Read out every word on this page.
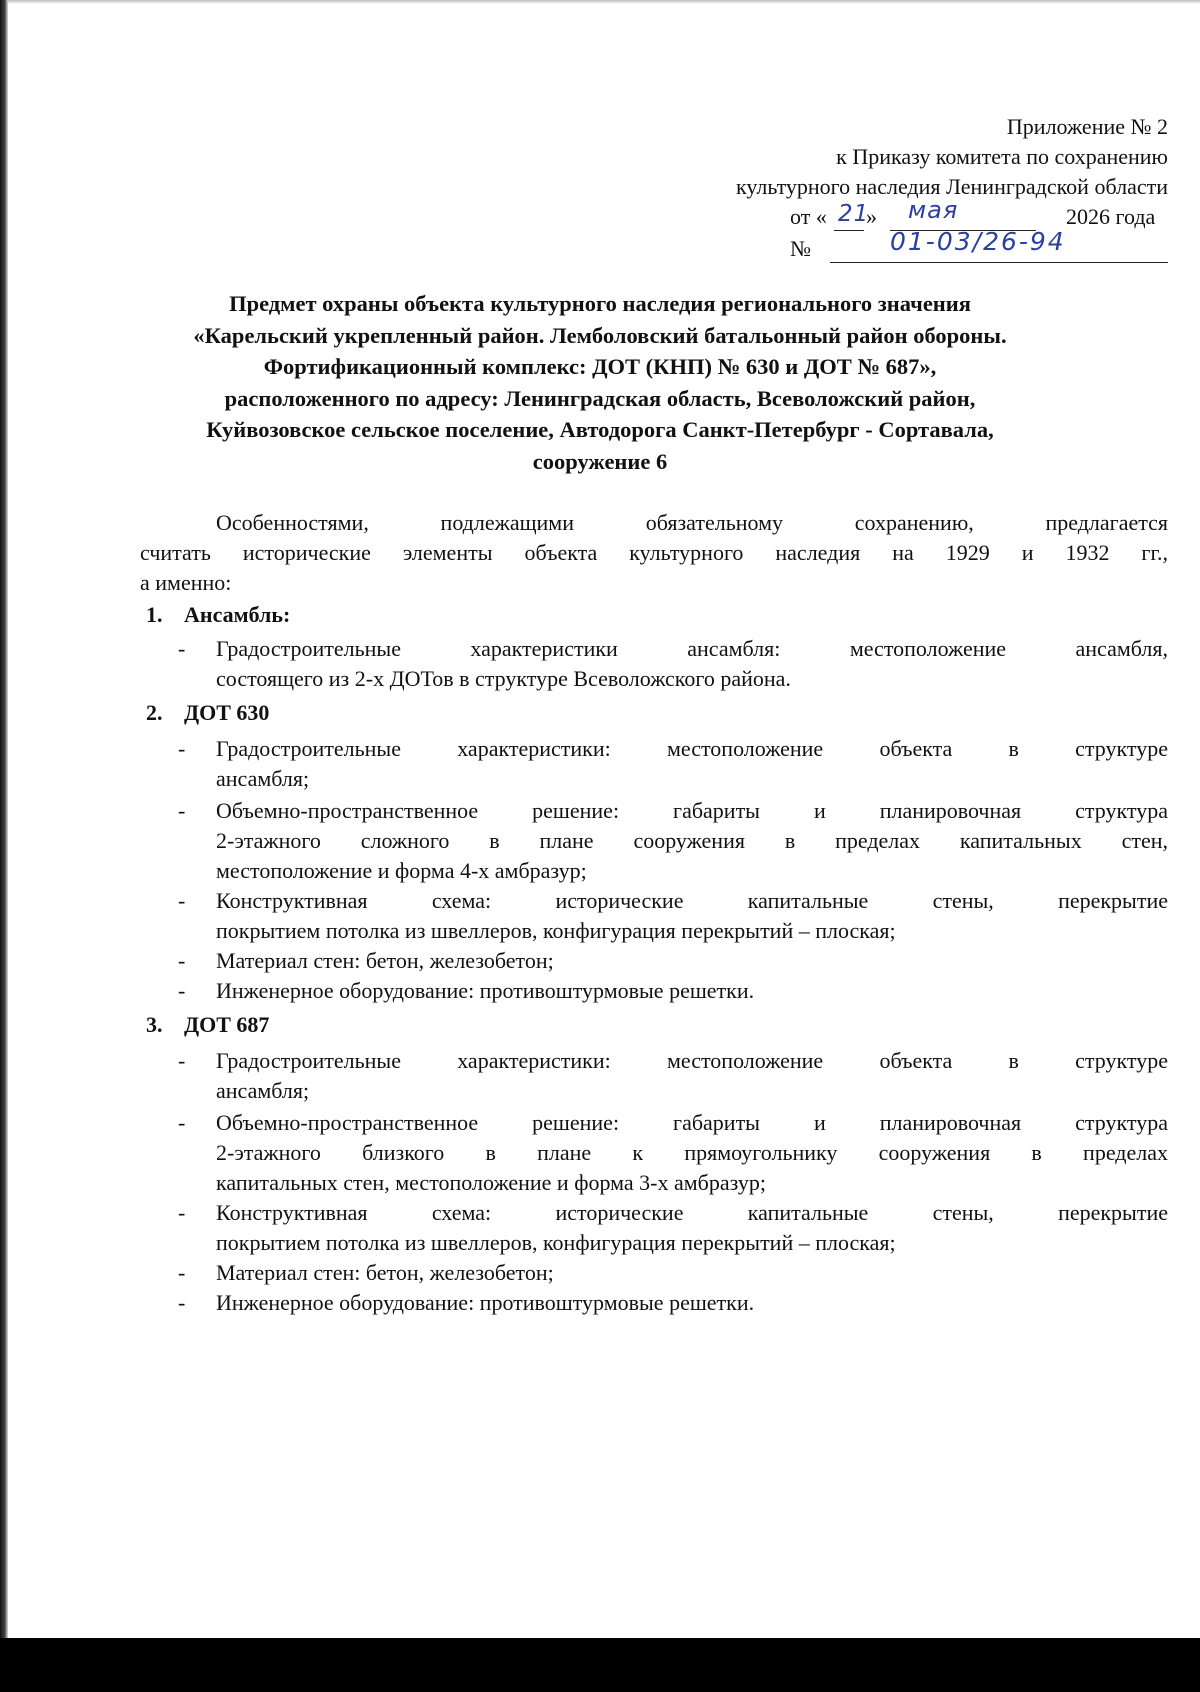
Приложение № 2
к Приказу комитета по сохранению
культурного наследия Ленинградской области
от « 21
» мая	2026 года
№	01-03/26-94
Предмет охраны объекта культурного наследия регионального значения
«Карельский укрепленный район. Лемболовский батальонный район обороны.
Фортификационный комплекс: ДОТ (КНП) № 630 и ДОТ № 687»,
расположенного по адресу: Ленинградская область, Всеволожский район,
Куйвозовское сельское поселение, Автодорога Санкт-Петербург - Сортавала,
сооружение 6
Особенностями, подлежащими обязательному сохранению, предлагается
считать исторические элементы объекта культурного наследия на 1929 и 1932 гг.,
а именно:
1. Ансамбль:
- Градостроительные характеристики ансамбля: местоположение ансамбля,
состоящего из 2-х ДОТов в структуре Всеволожского района.
2. ДОТ 630
- Градостроительные характеристики: местоположение объекта в структуре
ансамбля;
- Объемно-пространственное решение: габариты и планировочная структура
2-этажного сложного в плане сооружения в пределах капитальных стен,
местоположение и форма 4-х амбразур;
- Конструктивная схема: исторические капитальные стены, перекрытие
покрытием потолка из швеллеров, конфигурация перекрытий – плоская;
- Материал стен: бетон, железобетон;
- Инженерное оборудование: противоштурмовые решетки.
3. ДОТ 687
- Градостроительные характеристики: местоположение объекта в структуре
ансамбля;
- Объемно-пространственное решение: габариты и планировочная структура
2-этажного близкого в плане к прямоугольнику сооружения в пределах
капитальных стен, местоположение и форма 3-х амбразур;
- Конструктивная схема: исторические капитальные стены, перекрытие
покрытием потолка из швеллеров, конфигурация перекрытий – плоская;
- Материал стен: бетон, железобетон;
- Инженерное оборудование: противоштурмовые решетки.
